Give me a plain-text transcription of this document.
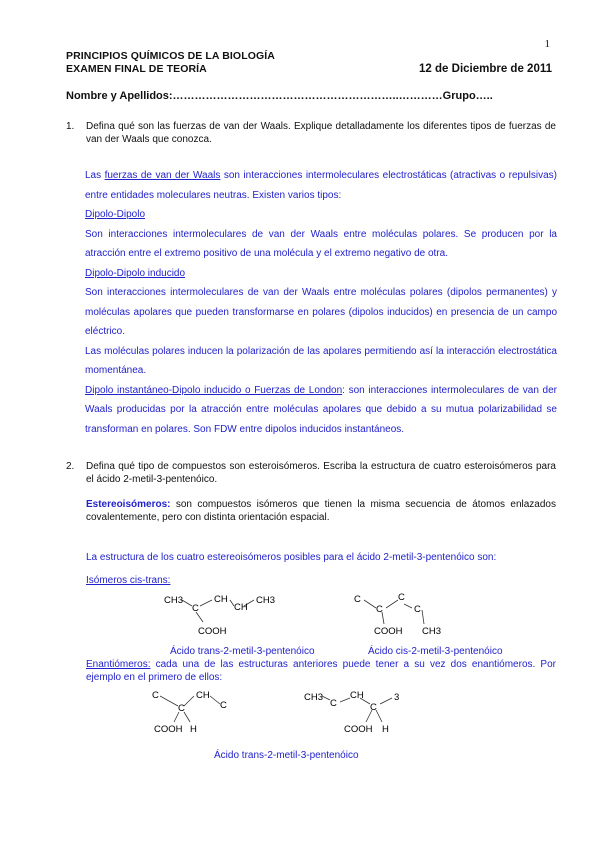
1
PRINCIPIOS QUÍMICOS DE LA BIOLOGÍA
EXAMEN FINAL DE TEORÍA	12 de Diciembre de 2011
Nombre y Apellidos:……………………………………………………..…………Grupo…..
1. Defina qué son las fuerzas de van der Waals. Explique detalladamente los diferentes tipos de fuerzas de van der Waals que conozca.
Las fuerzas de van der Waals son interacciones intermoleculares electrostáticas (atractivas o repulsivas) entre entidades moleculares neutras. Existen varios tipos:
Dipolo-Dipolo
Son interacciones intermoleculares de van der Waals entre moléculas polares. Se producen por la atracción entre el extremo positivo de una molécula y el extremo negativo de otra.
Dipolo-Dipolo inducido
Son interacciones intermoleculares de van der Waals entre moléculas polares (dipolos permanentes) y moléculas apolares que pueden transformarse en polares (dipolos inducidos) en presencia de un campo eléctrico.
Las moléculas polares inducen la polarización de las apolares permitiendo así la interacción electrostática momentánea.
Dipolo instantáneo-Dipolo inducido o Fuerzas de London: son interacciones intermoleculares de van der Waals producidas por la atracción entre moléculas apolares que debido a su mutua polarizabilidad se transforman en polares. Son FDW entre dipolos inducidos instantáneos.
2. Defina qué tipo de compuestos son esteroisómeros. Escriba la estructura de cuatro esteroisómeros para el ácido 2-metil-3-pentenóico.
Estereoisómeros: son compuestos isómeros que tienen la misma secuencia de átomos enlazados covalentemente, pero con distinta orientación espacial.
La estructura de los cuatro estereoisómeros posibles para el ácido 2-metil-3-pentenóico son:
Isómeros cis-trans:
CH3
C
CH
CH
CH3
COOH
C
C
C
C
COOH CH3
Ácido trans-2-metil-3-pentenóico	Ácido cis-2-metil-3-pentenóico
Enantiómeros: cada una de las estructuras anteriores puede tener a su vez dos enantiómeros. Por ejemplo en el primero de ellos:
C
C
CH
C
COOH H
CH3
C
CH
C
3
COOH H
Ácido trans-2-metil-3-pentenóico
